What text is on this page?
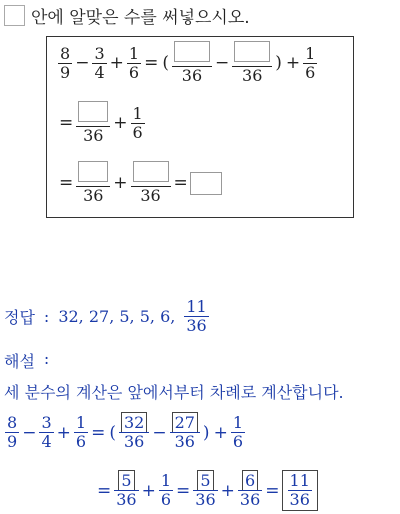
안에 알맞은 수를 써넣으시오.
$\frac{8}{9} - \frac{3}{4} + \frac{1}{6}$ = (
36
−
36
) + $\frac{1}{6}$
=
36
+ $\frac{1}{6}$
=
36
+
36
=
정답 : 32, 27, 5, 5, 6, $\frac{11}{36}$
해설 :
세 분수의 계산은 앞에서부터 차례로 계산합니다.
$\frac{8}{9} - \frac{3}{4} + \frac{1}{6}$ = ( $\frac{32}{36} - \frac{27}{36}$ ) + $\frac{1}{6}$
= $\frac{5}{36} + \frac{1}{6} = \frac{5}{36} + \frac{6}{36} = \frac{11}{36}$
